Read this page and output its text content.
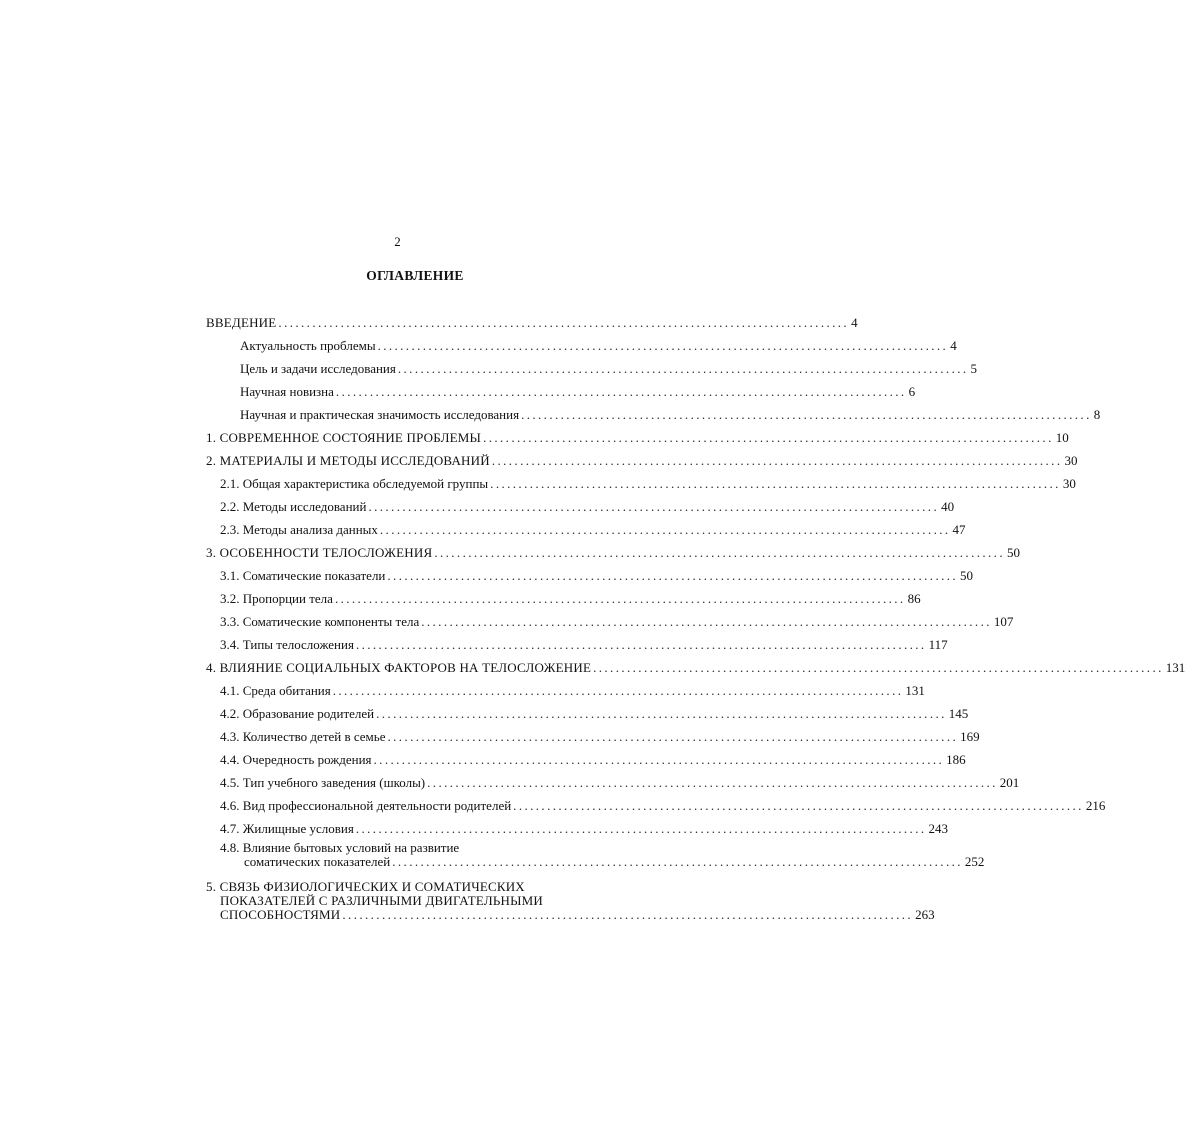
2
ОГЛАВЛЕНИЕ
ВВЕДЕНИЕ ..................................................................................................... 4
Актуальность проблемы ..................................................................................................... 4
Цель и задачи исследования ..................................................................................................... 5
Научная новизна ..................................................................................................... 6
Научная и практическая значимость исследования ..................................................................................................... 8
1. СОВРЕМЕННОЕ СОСТОЯНИЕ ПРОБЛЕМЫ ..................................................................................................... 10
2. МАТЕРИАЛЫ И МЕТОДЫ ИССЛЕДОВАНИЙ ..................................................................................................... 30
2.1. Общая характеристика обследуемой группы ..................................................................................................... 30
2.2. Методы исследований ..................................................................................................... 40
2.3. Методы анализа данных ..................................................................................................... 47
3. ОСОБЕННОСТИ ТЕЛОСЛОЖЕНИЯ ..................................................................................................... 50
3.1. Соматические показатели ..................................................................................................... 50
3.2. Пропорции тела ..................................................................................................... 86
3.3. Соматические компоненты тела ..................................................................................................... 107
3.4. Типы телосложения ..................................................................................................... 117
4. ВЛИЯНИЕ СОЦИАЛЬНЫХ ФАКТОРОВ НА ТЕЛОСЛОЖЕНИЕ ..................................................................................................... 131
4.1. Среда обитания ..................................................................................................... 131
4.2. Образование родителей ..................................................................................................... 145
4.3. Количество детей в семье ..................................................................................................... 169
4.4. Очередность рождения ..................................................................................................... 186
4.5. Тип учебного заведения (школы) ..................................................................................................... 201
4.6. Вид профессиональной деятельности родителей ..................................................................................................... 216
4.7. Жилищные условия ..................................................................................................... 243
4.8. Влияние бытовых условий на развитие
соматических показателей ..................................................................................................... 252
5. СВЯЗЬ ФИЗИОЛОГИЧЕСКИХ И СОМАТИЧЕСКИХ
ПОКАЗАТЕЛЕЙ С РАЗЛИЧНЫМИ ДВИГАТЕЛЬНЫМИ
СПОСОБНОСТЯМИ ..................................................................................................... 263
